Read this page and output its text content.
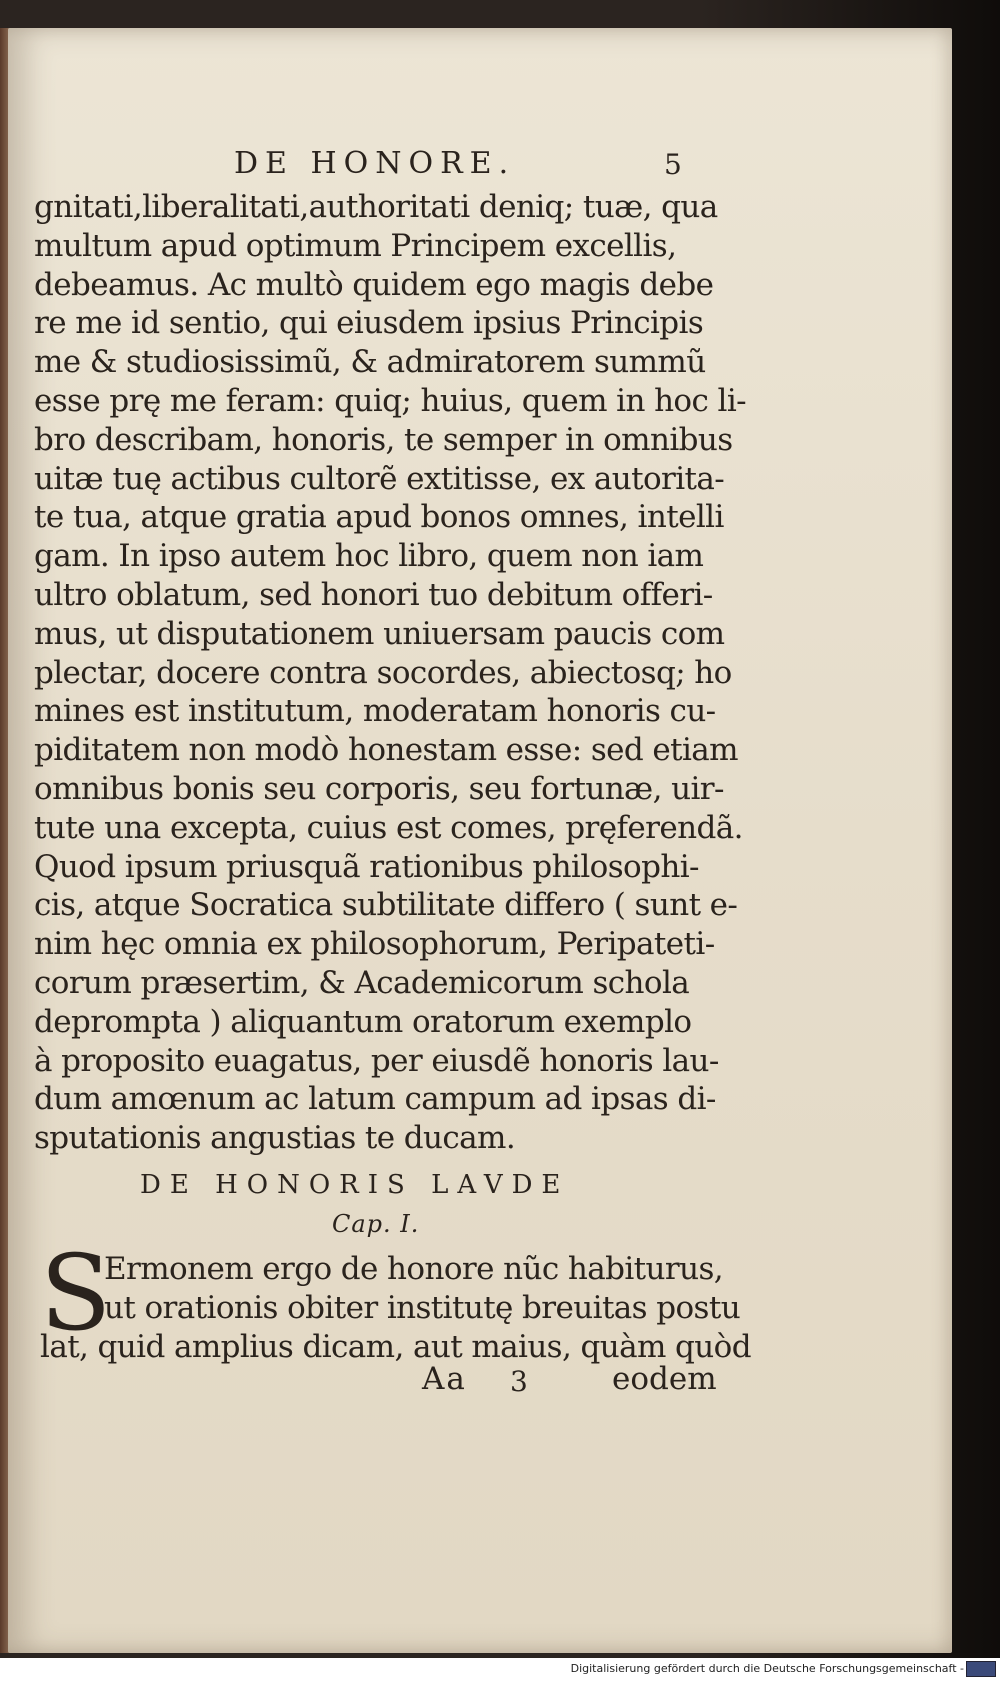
DE HONORE.	5
gnitati,liberalitati,authoritati deniq; tuæ, qua
multum apud optimum Principem excellis,
debeamus. Ac multò quidem ego magis debe
re me id sentio, qui eiusdem ipsius Principis
me & studiosissimũ, & admiratorem summũ
esse prę me feram: quiq; huius, quem in hoc li-
bro describam, honoris, te semper in omnibus
uitæ tuę actibus cultorẽ extitisse, ex autorita-
te tua, atque gratia apud bonos omnes, intelli
gam. In ipso autem hoc libro, quem non iam
ultro oblatum, sed honori tuo debitum offeri-
mus, ut disputationem uniuersam paucis com
plectar, docere contra socordes, abiectosq; ho
mines est institutum, moderatam honoris cu-
piditatem non modò honestam esse: sed etiam
omnibus bonis seu corporis, seu fortunæ, uir-
tute una excepta, cuius est comes, pręferendã.
Quod ipsum priusquã rationibus philosophi-
cis, atque Socratica subtilitate differo ( sunt e-
nim hęc omnia ex philosophorum, Peripateti-
corum præsertim, & Academicorum schola
deprompta ) aliquantum oratorum exemplo
à proposito euagatus, per eiusdẽ honoris lau-
dum amœnum ac latum campum ad ipsas di-
sputationis angustias te ducam.
DE HONORIS LAVDE
Cap. I.
S
Ermonem ergo de honore nũc habiturus,
ut orationis obiter institutę breuitas postu
lat, quid amplius dicam, aut maius, quàm quòd
Aa 3	eodem
Digitalisierung gefördert durch die Deutsche Forschungsgemeinschaft -
